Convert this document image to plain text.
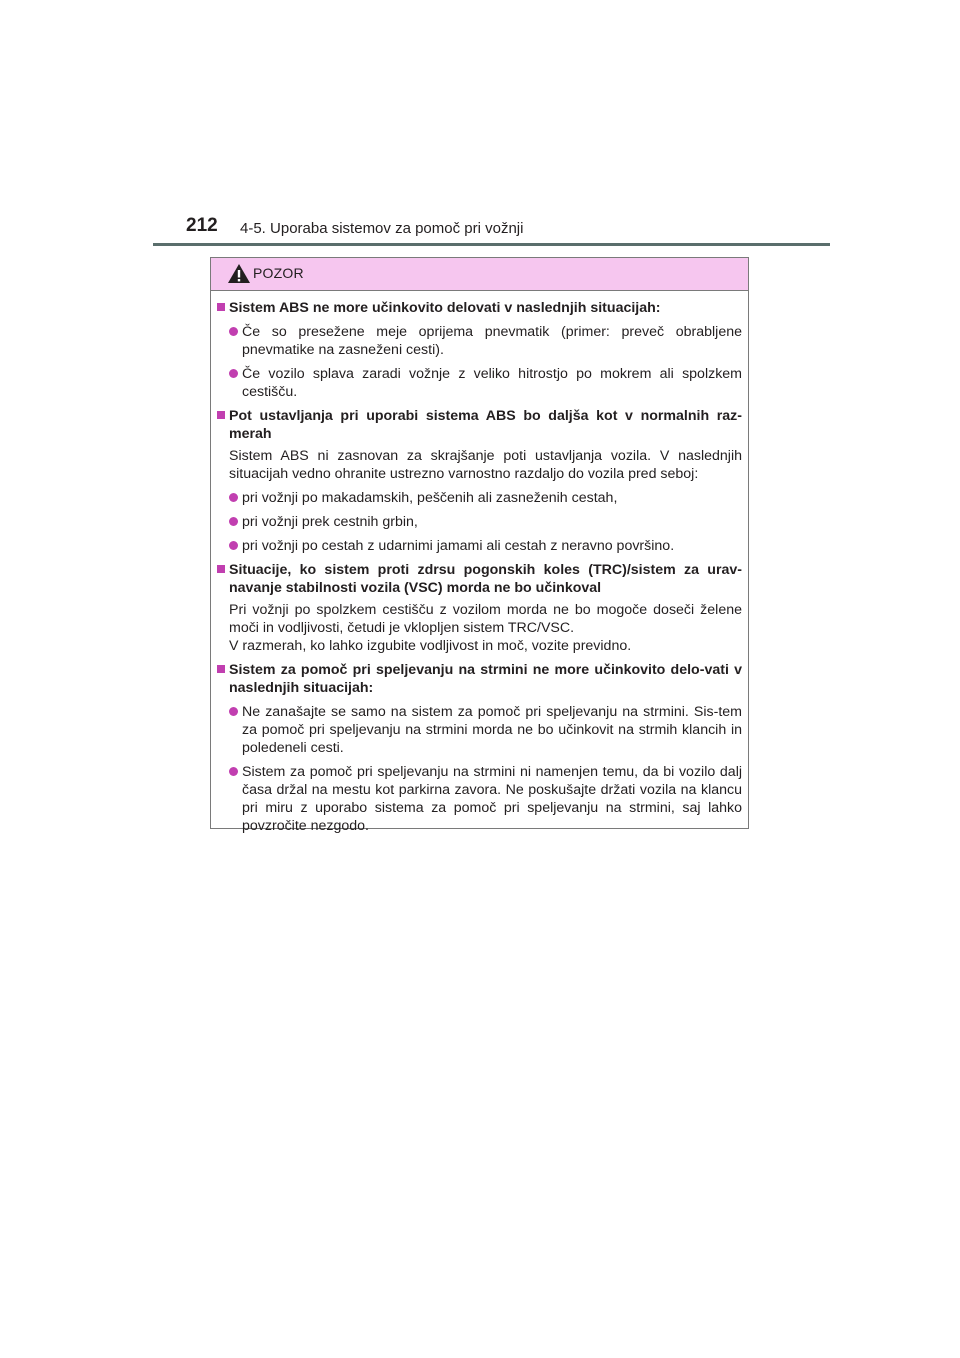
212 4-5. Uporaba sistemov za pomoč pri vožnji
POZOR
Sistem ABS ne more učinkovito delovati v naslednjih situacijah:
Če so presežene meje oprijema pnevmatik (primer: preveč obrabljene pnevmatike na zasneženi cesti).
Če vozilo splava zaradi vožnje z veliko hitrostjo po mokrem ali spolzkem cestišču.
Pot ustavljanja pri uporabi sistema ABS bo daljša kot v normalnih raz-merah
Sistem ABS ni zasnovan za skrajšanje poti ustavljanja vozila. V naslednjih situacijah vedno ohranite ustrezno varnostno razdaljo do vozila pred seboj:
pri vožnji po makadamskih, peščenih ali zasneženih cestah,
pri vožnji prek cestnih grbin,
pri vožnji po cestah z udarnimi jamami ali cestah z neravno površino.
Situacije, ko sistem proti zdrsu pogonskih koles (TRC)/sistem za urav-navanje stabilnosti vozila (VSC) morda ne bo učinkoval
Pri vožnji po spolzkem cestišču z vozilom morda ne bo mogoče doseči želene moči in vodljivosti, četudi je vklopljen sistem TRC/VSC.
V razmerah, ko lahko izgubite vodljivost in moč, vozite previdno.
Sistem za pomoč pri speljevanju na strmini ne more učinkovito delo-vati v naslednjih situacijah:
Ne zanašajte se samo na sistem za pomoč pri speljevanju na strmini. Sis-tem za pomoč pri speljevanju na strmini morda ne bo učinkovit na strmih klancih in poledeneli cesti.
Sistem za pomoč pri speljevanju na strmini ni namenjen temu, da bi vozilo dalj časa držal na mestu kot parkirna zavora. Ne poskušajte držati vozila na klancu pri miru z uporabo sistema za pomoč pri speljevanju na strmini, saj lahko povzročite nezgodo.
